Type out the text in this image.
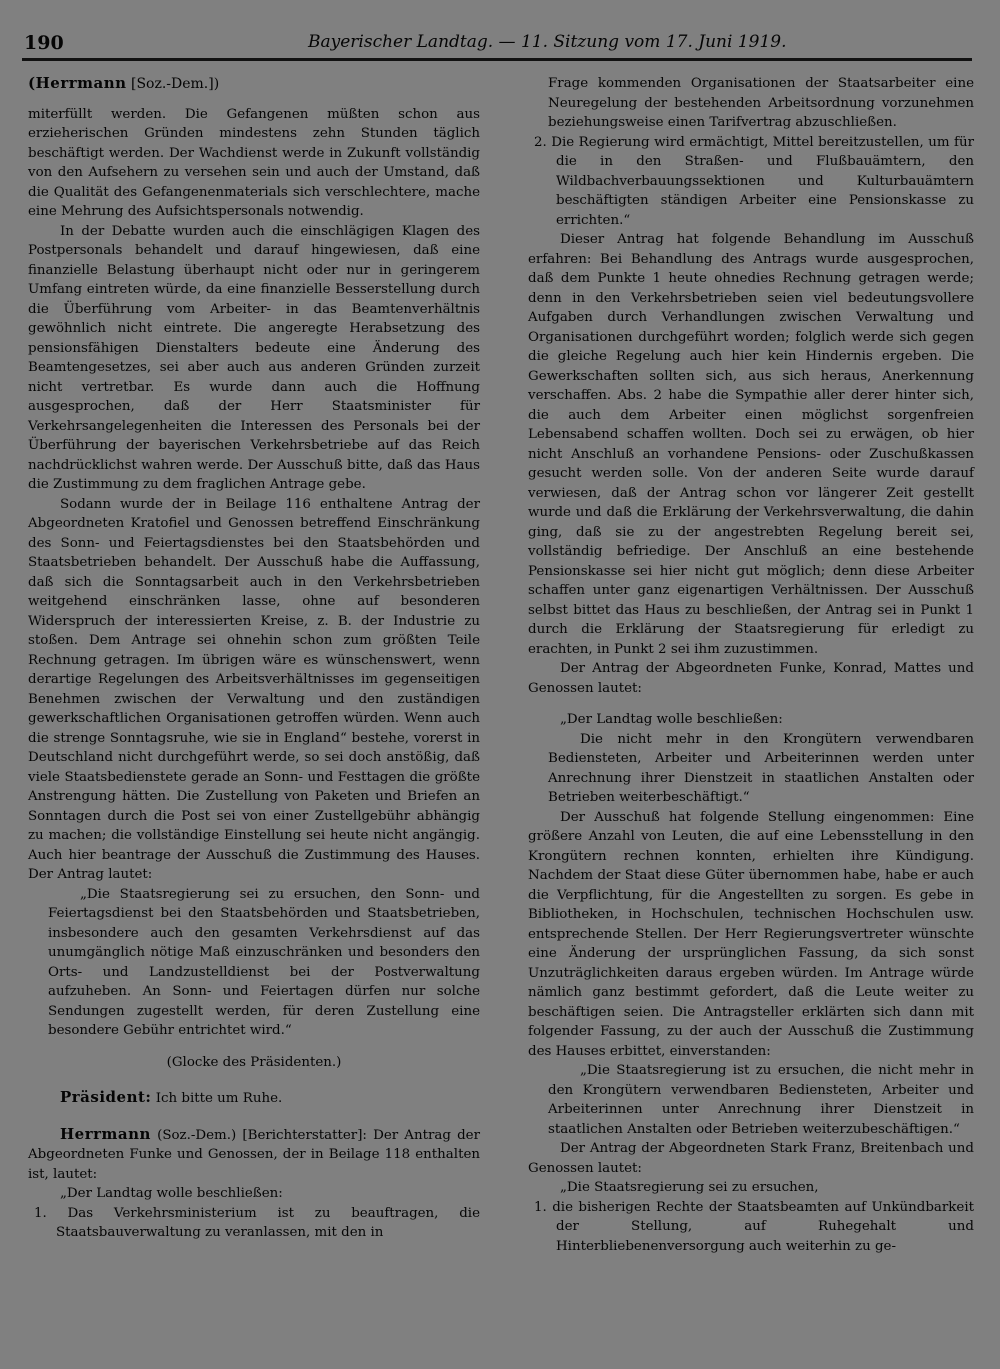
190	Bayerischer Landtag. — 11. Sitzung vom 17. Juni 1919.

(Herrmann [Soz.-Dem.])

miterfüllt werden. Die Gefangenen müßten schon aus erzieherischen Gründen mindestens zehn Stunden täglich beschäftigt werden. Der Wachdienst werde in Zukunft vollständig von den Aufsehern zu versehen sein und auch der Umstand, daß die Qualität des Gefangenenmaterials sich verschlechtere, mache eine Mehrung des Aufsichtspersonals notwendig.

In der Debatte wurden auch die einschlägigen Klagen des Postpersonals behandelt und darauf hingewiesen, daß eine finanzielle Belastung überhaupt nicht oder nur in geringerem Umfang eintreten würde, da eine finanzielle Besserstellung durch die Überführung vom Arbeiter- in das Beamtenverhältnis gewöhnlich nicht eintrete. Die angeregte Herabsetzung des pensionsfähigen Dienstalters bedeute eine Änderung des Beamtengesetzes, sei aber auch aus anderen Gründen zurzeit nicht vertretbar. Es wurde dann auch die Hoffnung ausgesprochen, daß der Herr Staatsminister für Verkehrsangelegenheiten die Interessen des Personals bei der Überführung der bayerischen Verkehrsbetriebe auf das Reich nachdrücklichst wahren werde. Der Ausschuß bitte, daß das Haus die Zustimmung zu dem fraglichen Antrage gebe.

Sodann wurde der in Beilage 116 enthaltene Antrag der Abgeordneten Kratofiel und Genossen betreffend Einschränkung des Sonn- und Feiertagsdienstes bei den Staatsbehörden und Staatsbetrieben behandelt. Der Ausschuß habe die Auffassung, daß sich die Sonntagsarbeit auch in den Verkehrsbetrieben weitgehend einschränken lasse, ohne auf besonderen Widerspruch der interessierten Kreise, z. B. der Industrie zu stoßen. Dem Antrage sei ohnehin schon zum größten Teile Rechnung getragen. Im übrigen wäre es wünschenswert, wenn derartige Regelungen des Arbeitsverhältnisses im gegenseitigen Benehmen zwischen der Verwaltung und den zuständigen gewerkschaftlichen Organisationen getroffen würden. Wenn auch die strenge Sonntagsruhe, wie sie in England“ bestehe, vorerst in Deutschland nicht durchgeführt werde, so sei doch anstößig, daß viele Staatsbedienstete gerade an Sonn- und Festtagen die größte Anstrengung hätten. Die Zustellung von Paketen und Briefen an Sonntagen durch die Post sei von einer Zustellgebühr abhängig zu machen; die vollständige Einstellung sei heute nicht angängig. Auch hier beantrage der Ausschuß die Zustimmung des Hauses. Der Antrag lautet:

„Die Staatsregierung sei zu ersuchen, den Sonn- und Feiertagsdienst bei den Staatsbehörden und Staatsbetrieben, insbesondere auch den gesamten Verkehrsdienst auf das unumgänglich nötige Maß einzuschränken und besonders den Orts- und Landzustelldienst bei der Postverwaltung aufzuheben. An Sonn- und Feiertagen dürfen nur solche Sendungen zugestellt werden, für deren Zustellung eine besondere Gebühr entrichtet wird.“

(Glocke des Präsidenten.)

Präsident: Ich bitte um Ruhe.

Herrmann (Soz.-Dem.) [Berichterstatter]: Der Antrag der Abgeordneten Funke und Genossen, der in Beilage 118 enthalten ist, lautet:

„Der Landtag wolle beschließen:

1. Das Verkehrsministerium ist zu beauftragen, die Staatsbauverwaltung zu veranlassen, mit den in

Frage kommenden Organisationen der Staatsarbeiter eine Neuregelung der bestehenden Arbeitsordnung vorzunehmen beziehungsweise einen Tarifvertrag abzuschließen.

2. Die Regierung wird ermächtigt, Mittel bereitzustellen, um für die in den Straßen- und Flußbauämtern, den Wildbachverbauungssektionen und Kulturbauämtern beschäftigten ständigen Arbeiter eine Pensionskasse zu errichten.“

Dieser Antrag hat folgende Behandlung im Ausschuß erfahren: Bei Behandlung des Antrags wurde ausgesprochen, daß dem Punkte 1 heute ohnedies Rechnung getragen werde; denn in den Verkehrsbetrieben seien viel bedeutungsvollere Aufgaben durch Verhandlungen zwischen Verwaltung und Organisationen durchgeführt worden; folglich werde sich gegen die gleiche Regelung auch hier kein Hindernis ergeben. Die Gewerkschaften sollten sich, aus sich heraus, Anerkennung verschaffen. Abs. 2 habe die Sympathie aller derer hinter sich, die auch dem Arbeiter einen möglichst sorgenfreien Lebensabend schaffen wollten. Doch sei zu erwägen, ob hier nicht Anschluß an vorhandene Pensions- oder Zuschußkassen gesucht werden solle. Von der anderen Seite wurde darauf verwiesen, daß der Antrag schon vor längerer Zeit gestellt wurde und daß die Erklärung der Verkehrsverwaltung, die dahin ging, daß sie zu der angestrebten Regelung bereit sei, vollständig befriedige. Der Anschluß an eine bestehende Pensionskasse sei hier nicht gut möglich; denn diese Arbeiter schaffen unter ganz eigenartigen Verhältnissen. Der Ausschuß selbst bittet das Haus zu beschließen, der Antrag sei in Punkt 1 durch die Erklärung der Staatsregierung für erledigt zu erachten, in Punkt 2 sei ihm zuzustimmen.

Der Antrag der Abgeordneten Funke, Konrad, Mattes und Genossen lautet:

„Der Landtag wolle beschließen:

Die nicht mehr in den Krongütern verwendbaren Bediensteten, Arbeiter und Arbeiterinnen werden unter Anrechnung ihrer Dienstzeit in staatlichen Anstalten oder Betrieben weiterbeschäftigt.“

Der Ausschuß hat folgende Stellung eingenommen: Eine größere Anzahl von Leuten, die auf eine Lebensstellung in den Krongütern rechnen konnten, erhielten ihre Kündigung. Nachdem der Staat diese Güter übernommen habe, habe er auch die Verpflichtung, für die Angestellten zu sorgen. Es gebe in Bibliotheken, in Hochschulen, technischen Hochschulen usw. entsprechende Stellen. Der Herr Regierungsvertreter wünschte eine Änderung der ursprünglichen Fassung, da sich sonst Unzuträglichkeiten daraus ergeben würden. Im Antrage würde nämlich ganz bestimmt gefordert, daß die Leute weiter zu beschäftigen seien. Die Antragsteller erklärten sich dann mit folgender Fassung, zu der auch der Ausschuß die Zustimmung des Hauses erbittet, einverstanden:

„Die Staatsregierung ist zu ersuchen, die nicht mehr in den Krongütern verwendbaren Bediensteten, Arbeiter und Arbeiterinnen unter Anrechnung ihrer Dienstzeit in staatlichen Anstalten oder Betrieben weiterzubeschäftigen.“

Der Antrag der Abgeordneten Stark Franz, Breitenbach und Genossen lautet:

„Die Staatsregierung sei zu ersuchen,

1. die bisherigen Rechte der Staatsbeamten auf Unkündbarkeit der Stellung, auf Ruhegehalt und Hinterbliebenenversorgung auch weiterhin zu ge-
